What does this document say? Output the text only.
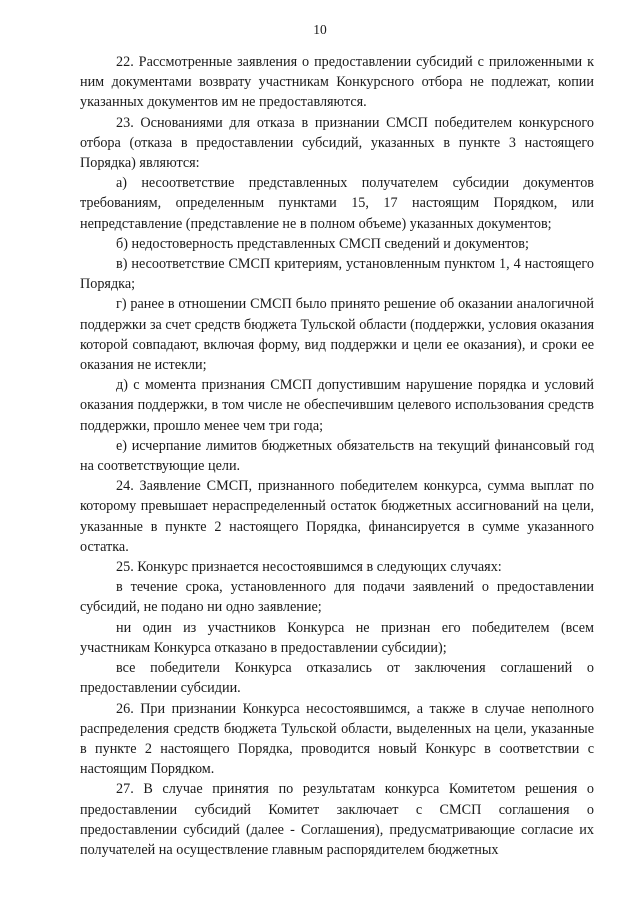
10

22. Рассмотренные заявления о предоставлении субсидий с приложенными к ним документами возврату участникам Конкурсного отбора не подлежат, копии указанных документов им не предоставляются.

23. Основаниями для отказа в признании СМСП победителем конкурсного отбора (отказа в предоставлении субсидий, указанных в пункте 3 настоящего Порядка) являются:

а) несоответствие представленных получателем субсидии документов требованиям, определенным пунктами 15, 17 настоящим Порядком, или непредставление (представление не в полном объеме) указанных документов;

б) недостоверность представленных СМСП сведений и документов;

в) несоответствие СМСП критериям, установленным пунктом 1, 4 настоящего Порядка;

г) ранее в отношении СМСП было принято решение об оказании аналогичной поддержки за счет средств бюджета Тульской области (поддержки, условия оказания которой совпадают, включая форму, вид поддержки и цели ее оказания), и сроки ее оказания не истекли;

д) с момента признания СМСП допустившим нарушение порядка и условий оказания поддержки, в том числе не обеспечившим целевого использования средств поддержки, прошло менее чем три года;

е) исчерпание лимитов бюджетных обязательств на текущий финансовый год на соответствующие цели.

24. Заявление СМСП, признанного победителем конкурса, сумма выплат по которому превышает нераспределенный остаток бюджетных ассигнований на цели, указанные в пункте 2 настоящего Порядка, финансируется в сумме указанного остатка.

25. Конкурс признается несостоявшимся в следующих случаях:

в течение срока, установленного для подачи заявлений о предоставлении субсидий, не подано ни одно заявление;

ни один из участников Конкурса не признан его победителем (всем участникам Конкурса отказано в предоставлении субсидии);

все победители Конкурса отказались от заключения соглашений о предоставлении субсидии.

26. При признании Конкурса несостоявшимся, а также в случае неполного распределения средств бюджета Тульской области, выделенных на цели, указанные в пункте 2 настоящего Порядка, проводится новый Конкурс в соответствии с настоящим Порядком.

27. В случае принятия по результатам конкурса Комитетом решения о предоставлении субсидий Комитет заключает с СМСП соглашения о предоставлении субсидий (далее - Соглашения), предусматривающие согласие их получателей на осуществление главным распорядителем бюджетных
